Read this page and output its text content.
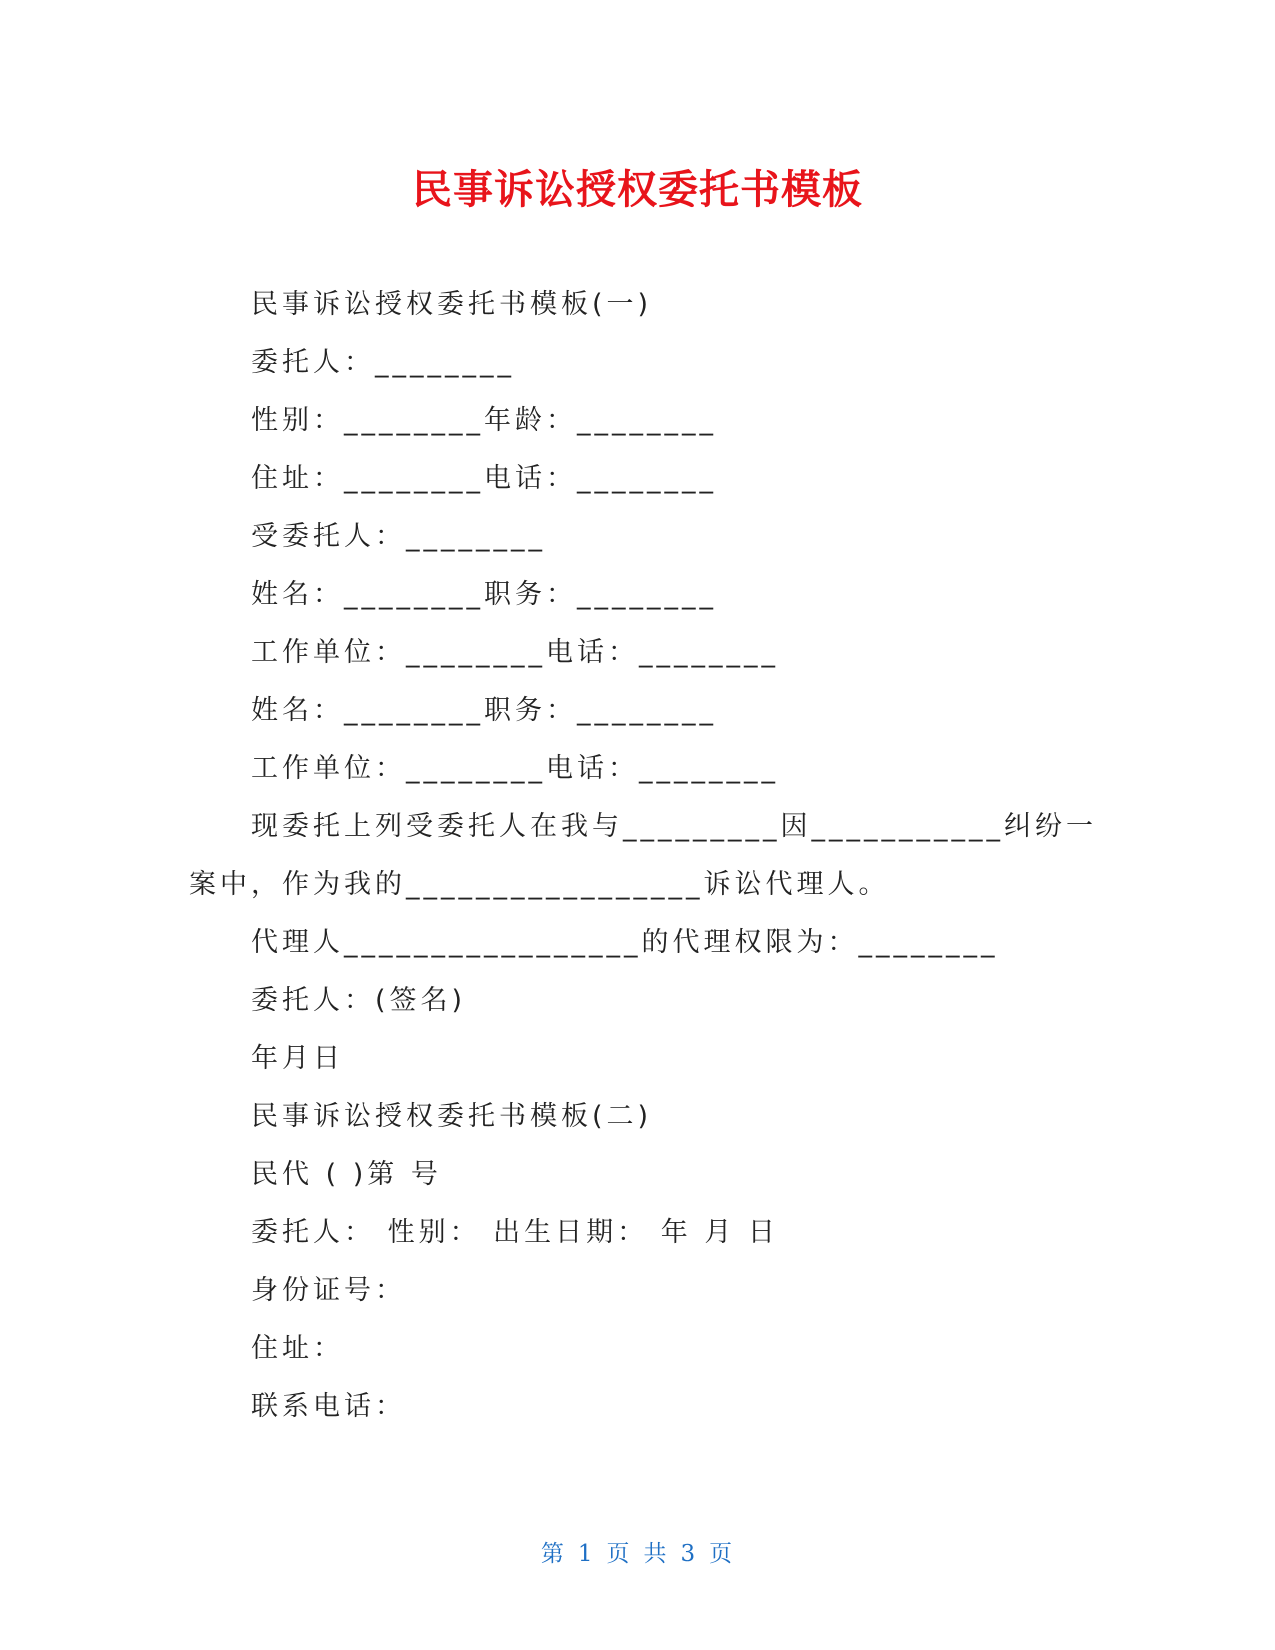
民事诉讼授权委托书模板
民事诉讼授权委托书模板(一)
委托人：________
性别：________年龄：________
住址：________电话：________
受委托人：________
姓名：________职务：________
工作单位：________电话：________
姓名：________职务：________
工作单位：________电话：________
现委托上列受委托人在我与_________因___________纠纷一
案中，作为我的_________________诉讼代理人。
代理人_________________的代理权限为：________
委托人：(签名)
年月日
民事诉讼授权委托书模板(二)
民代 ( )第 号
委托人： 性别： 出生日期： 年 月 日
身份证号：
住址：
联系电话：
第 1 页 共 3 页
